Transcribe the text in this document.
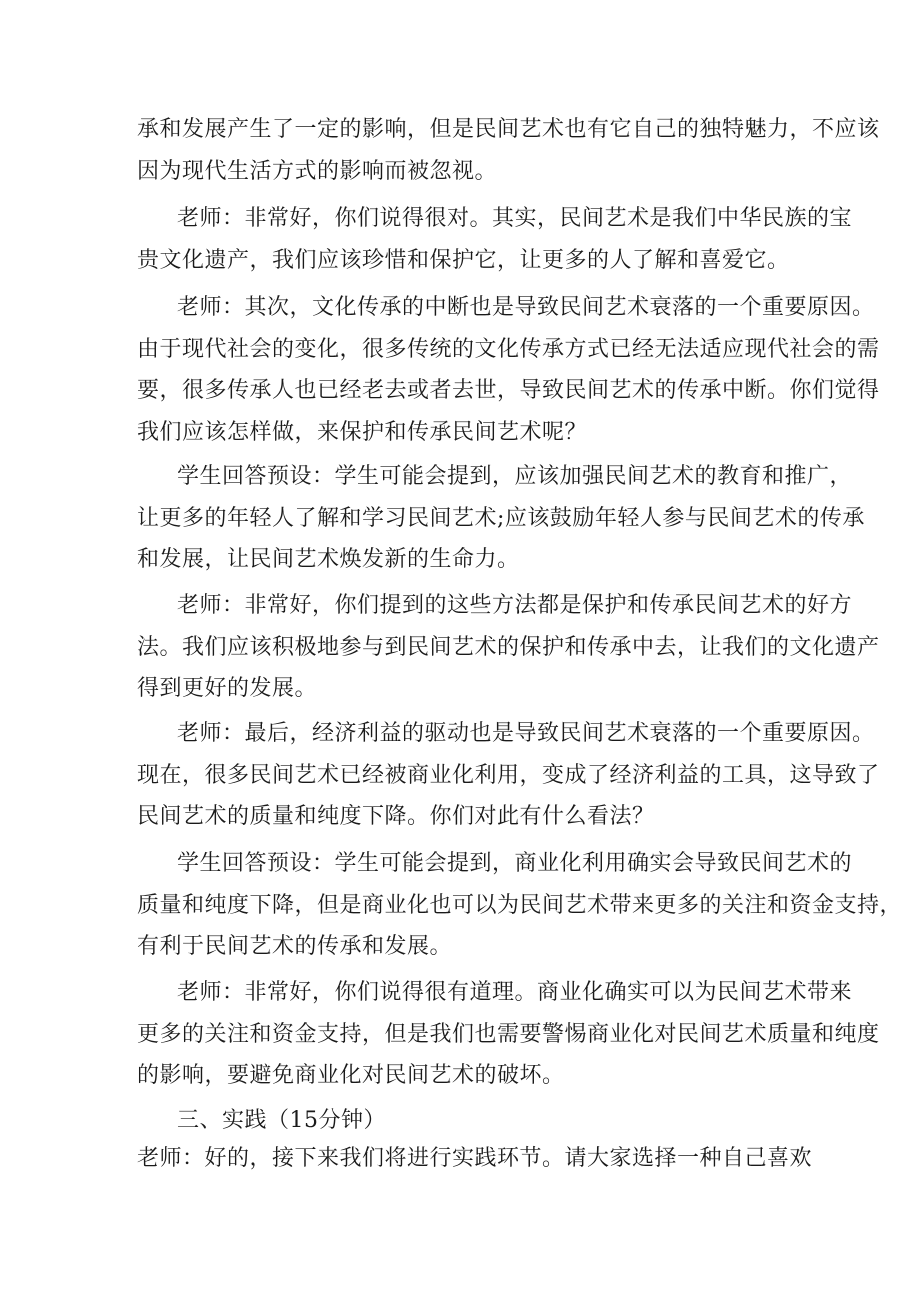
承和发展产生了一定的影响，但是民间艺术也有它自己的独特魅力，不应该
因为现代生活方式的影响而被忽视。

老师：非常好，你们说得很对。其实，民间艺术是我们中华民族的宝
贵文化遗产，我们应该珍惜和保护它，让更多的人了解和喜爱它。

老师：其次，文化传承的中断也是导致民间艺术衰落的一个重要原因。
由于现代社会的变化，很多传统的文化传承方式已经无法适应现代社会的需
要，很多传承人也已经老去或者去世，导致民间艺术的传承中断。你们觉得
我们应该怎样做，来保护和传承民间艺术呢？

学生回答预设：学生可能会提到，应该加强民间艺术的教育和推广，
让更多的年轻人了解和学习民间艺术;应该鼓励年轻人参与民间艺术的传承
和发展，让民间艺术焕发新的生命力。

老师：非常好，你们提到的这些方法都是保护和传承民间艺术的好方
法。我们应该积极地参与到民间艺术的保护和传承中去，让我们的文化遗产
得到更好的发展。

老师：最后，经济利益的驱动也是导致民间艺术衰落的一个重要原因。
现在，很多民间艺术已经被商业化利用，变成了经济利益的工具，这导致了
民间艺术的质量和纯度下降。你们对此有什么看法？

学生回答预设：学生可能会提到，商业化利用确实会导致民间艺术的
质量和纯度下降，但是商业化也可以为民间艺术带来更多的关注和资金支持，
有利于民间艺术的传承和发展。

老师：非常好，你们说得很有道理。商业化确实可以为民间艺术带来
更多的关注和资金支持，但是我们也需要警惕商业化对民间艺术质量和纯度
的影响，要避免商业化对民间艺术的破坏。

三、实践（15分钟）

老师：好的，接下来我们将进行实践环节。请大家选择一种自己喜欢
